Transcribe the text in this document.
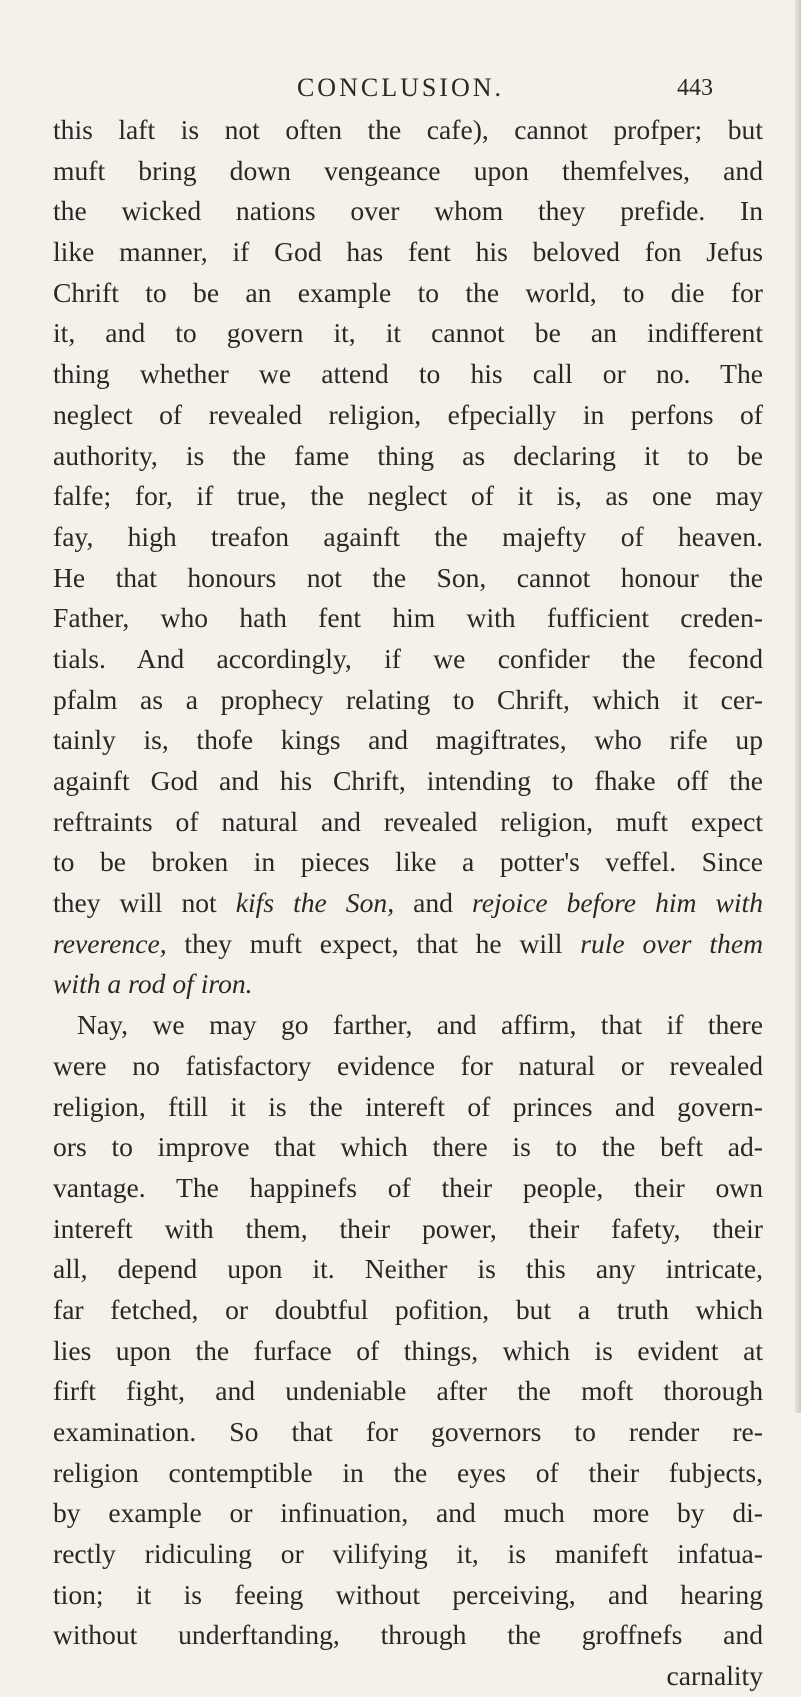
CONCLUSION.	443
this laft is not often the cafe), cannot profper; but
muft bring down vengeance upon themfelves, and
the wicked nations over whom they prefide. In
like manner, if God has fent his beloved fon Jefus
Chrift to be an example to the world, to die for
it, and to govern it, it cannot be an indifferent
thing whether we attend to his call or no. The
neglect of revealed religion, efpecially in perfons of
authority, is the fame thing as declaring it to be
falfe; for, if true, the neglect of it is, as one may
fay, high treafon againft the majefty of heaven.
He that honours not the Son, cannot honour the
Father, who hath fent him with fufficient creden-
tials. And accordingly, if we confider the fecond
pfalm as a prophecy relating to Chrift, which it cer-
tainly is, thofe kings and magiftrates, who rife up
againft God and his Chrift, intending to fhake off the
reftraints of natural and revealed religion, muft expect
to be broken in pieces like a potter's veffel. Since
they will not kifs the Son, and rejoice before him with
reverence, they muft expect, that he will rule over them
with a rod of iron.
Nay, we may go farther, and affirm, that if there
were no fatisfactory evidence for natural or revealed
religion, ftill it is the intereft of princes and govern-
ors to improve that which there is to the beft ad-
vantage. The happinefs of their people, their own
intereft with them, their power, their fafety, their
all, depend upon it. Neither is this any intricate,
far fetched, or doubtful pofition, but a truth which
lies upon the furface of things, which is evident at
firft fight, and undeniable after the moft thorough
examination. So that for governors to render re-
religion contemptible in the eyes of their fubjects,
by example or infinuation, and much more by di-
rectly ridiculing or vilifying it, is manifeft infatua-
tion; it is feeing without perceiving, and hearing
without underftanding, through the groffnefs and
carnality
